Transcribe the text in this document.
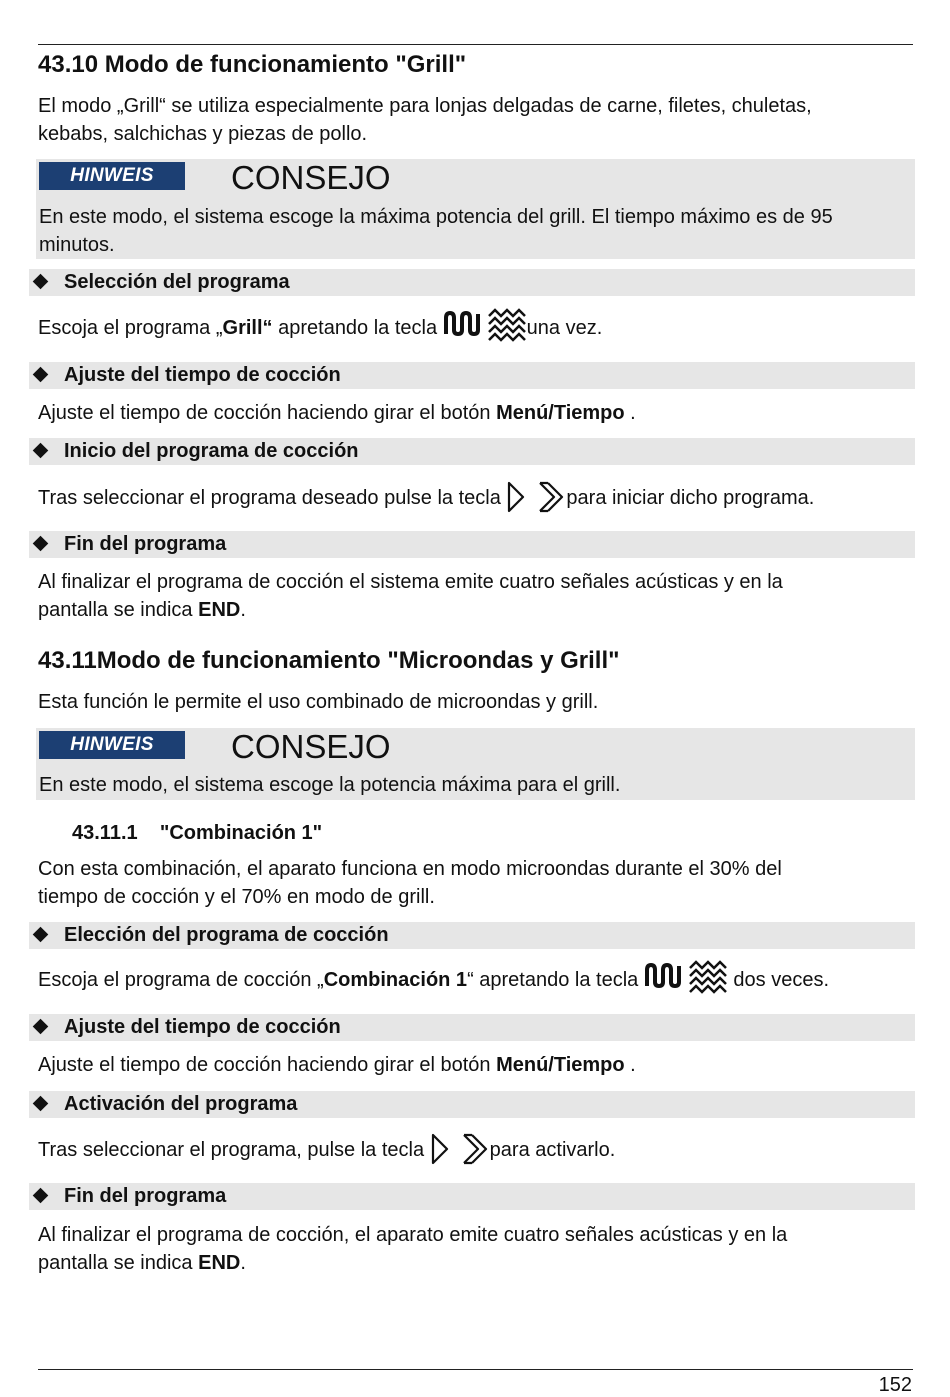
43.10 Modo de funcionamiento "Grill"
El modo „Grill“ se utiliza especialmente para lonjas delgadas de carne, filetes, chuletas,
kebabs, salchichas y piezas de pollo.
HINWEIS	CONSEJO
En este modo, el sistema escoge la máxima potencia del grill. El tiempo máximo es de 95
minutos.
Selección del programa
Escoja el programa „Grill“ apretando la tecla	una vez.
Ajuste del tiempo de cocción
Ajuste el tiempo de cocción haciendo girar el botón Menú/Tiempo .
Inicio del programa de cocción
Tras seleccionar el programa deseado pulse la tecla	para iniciar dicho programa.
Fin del programa
Al finalizar el programa de cocción el sistema emite cuatro señales acústicas y en la
pantalla se indica END.
43.11Modo de funcionamiento "Microondas y Grill"
Esta función le permite el uso combinado de microondas y grill.
HINWEIS	CONSEJO
En este modo, el sistema escoge la potencia máxima para el grill.
43.11.1    "Combinación 1"
Con esta combinación, el aparato funciona en modo microondas durante el 30% del
tiempo de cocción y el 70% en modo de grill.
Elección del programa de cocción
Escoja el programa de cocción „Combinación 1“ apretando la tecla	dos veces.
Ajuste del tiempo de cocción
Ajuste el tiempo de cocción haciendo girar el botón Menú/Tiempo .
Activación del programa
Tras seleccionar el programa, pulse la tecla	para activarlo.
Fin del programa
Al finalizar el programa de cocción, el aparato emite cuatro señales acústicas y en la
pantalla se indica END.
152
